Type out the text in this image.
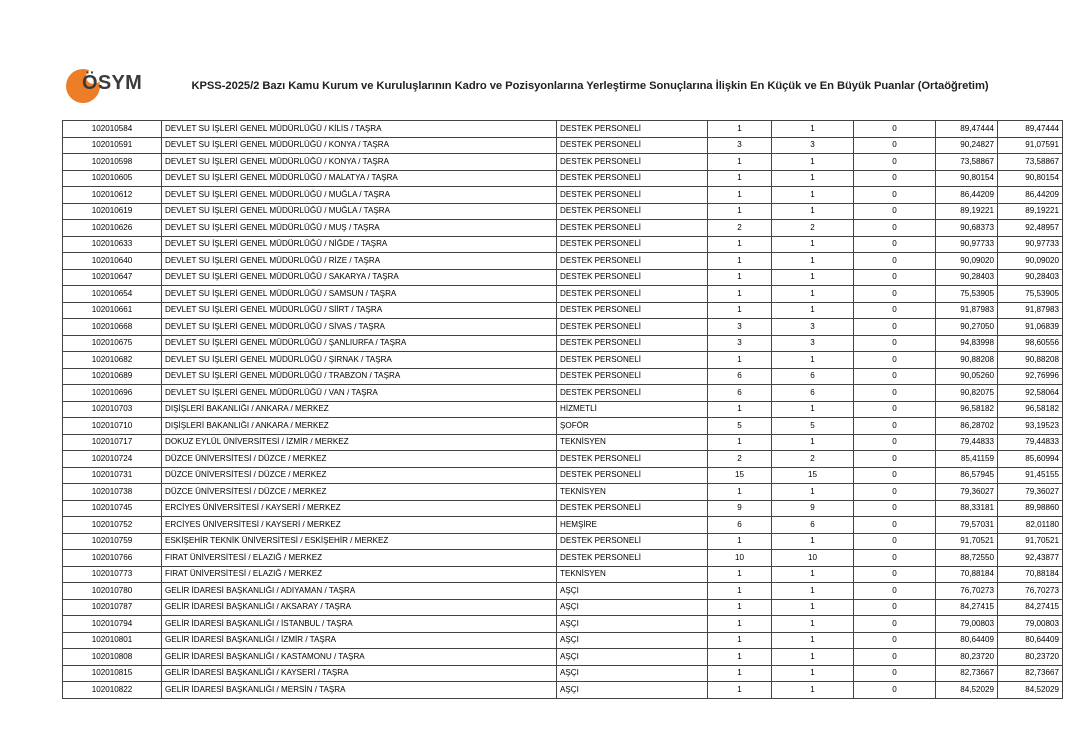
ÖSYM	KPSS-2025/2 Bazı Kamu Kurum ve Kuruluşlarının Kadro ve Pozisyonlarına Yerleştirme Sonuçlarına İlişkin En Küçük ve En Büyük Puanlar (Ortaöğretim)
102010584	DEVLET SU İŞLERİ GENEL MÜDÜRLÜĞÜ / KİLİS / TAŞRA	DESTEK PERSONELİ	1	1	0	89,47444	89,47444
102010591	DEVLET SU İŞLERİ GENEL MÜDÜRLÜĞÜ / KONYA / TAŞRA	DESTEK PERSONELİ	3	3	0	90,24827	91,07591
102010598	DEVLET SU İŞLERİ GENEL MÜDÜRLÜĞÜ / KONYA / TAŞRA	DESTEK PERSONELİ	1	1	0	73,58867	73,58867
102010605	DEVLET SU İŞLERİ GENEL MÜDÜRLÜĞÜ / MALATYA / TAŞRA	DESTEK PERSONELİ	1	1	0	90,80154	90,80154
102010612	DEVLET SU İŞLERİ GENEL MÜDÜRLÜĞÜ / MUĞLA / TAŞRA	DESTEK PERSONELİ	1	1	0	86,44209	86,44209
102010619	DEVLET SU İŞLERİ GENEL MÜDÜRLÜĞÜ / MUĞLA / TAŞRA	DESTEK PERSONELİ	1	1	0	89,19221	89,19221
102010626	DEVLET SU İŞLERİ GENEL MÜDÜRLÜĞÜ / MUŞ / TAŞRA	DESTEK PERSONELİ	2	2	0	90,68373	92,48957
102010633	DEVLET SU İŞLERİ GENEL MÜDÜRLÜĞÜ / NİĞDE / TAŞRA	DESTEK PERSONELİ	1	1	0	90,97733	90,97733
102010640	DEVLET SU İŞLERİ GENEL MÜDÜRLÜĞÜ / RİZE / TAŞRA	DESTEK PERSONELİ	1	1	0	90,09020	90,09020
102010647	DEVLET SU İŞLERİ GENEL MÜDÜRLÜĞÜ / SAKARYA / TAŞRA	DESTEK PERSONELİ	1	1	0	90,28403	90,28403
102010654	DEVLET SU İŞLERİ GENEL MÜDÜRLÜĞÜ / SAMSUN / TAŞRA	DESTEK PERSONELİ	1	1	0	75,53905	75,53905
102010661	DEVLET SU İŞLERİ GENEL MÜDÜRLÜĞÜ / SİİRT / TAŞRA	DESTEK PERSONELİ	1	1	0	91,87983	91,87983
102010668	DEVLET SU İŞLERİ GENEL MÜDÜRLÜĞÜ / SİVAS / TAŞRA	DESTEK PERSONELİ	3	3	0	90,27050	91,06839
102010675	DEVLET SU İŞLERİ GENEL MÜDÜRLÜĞÜ / ŞANLIURFA / TAŞRA	DESTEK PERSONELİ	3	3	0	94,83998	98,60556
102010682	DEVLET SU İŞLERİ GENEL MÜDÜRLÜĞÜ / ŞIRNAK / TAŞRA	DESTEK PERSONELİ	1	1	0	90,88208	90,88208
102010689	DEVLET SU İŞLERİ GENEL MÜDÜRLÜĞÜ / TRABZON / TAŞRA	DESTEK PERSONELİ	6	6	0	90,05260	92,76996
102010696	DEVLET SU İŞLERİ GENEL MÜDÜRLÜĞÜ / VAN / TAŞRA	DESTEK PERSONELİ	6	6	0	90,82075	92,58064
102010703	DIŞİŞLERİ BAKANLIĞI / ANKARA / MERKEZ	HİZMETLİ	1	1	0	96,58182	96,58182
102010710	DIŞİŞLERİ BAKANLIĞI / ANKARA / MERKEZ	ŞOFÖR	5	5	0	86,28702	93,19523
102010717	DOKUZ EYLÜL ÜNİVERSİTESİ / İZMİR / MERKEZ	TEKNİSYEN	1	1	0	79,44833	79,44833
102010724	DÜZCE ÜNİVERSİTESİ / DÜZCE / MERKEZ	DESTEK PERSONELİ	2	2	0	85,41159	85,60994
102010731	DÜZCE ÜNİVERSİTESİ / DÜZCE / MERKEZ	DESTEK PERSONELİ	15	15	0	86,57945	91,45155
102010738	DÜZCE ÜNİVERSİTESİ / DÜZCE / MERKEZ	TEKNİSYEN	1	1	0	79,36027	79,36027
102010745	ERCİYES ÜNİVERSİTESİ / KAYSERİ / MERKEZ	DESTEK PERSONELİ	9	9	0	88,33181	89,98860
102010752	ERCİYES ÜNİVERSİTESİ / KAYSERİ / MERKEZ	HEMŞİRE	6	6	0	79,57031	82,01180
102010759	ESKİŞEHİR TEKNİK ÜNİVERSİTESİ / ESKİŞEHİR / MERKEZ	DESTEK PERSONELİ	1	1	0	91,70521	91,70521
102010766	FIRAT ÜNİVERSİTESİ / ELAZIĞ / MERKEZ	DESTEK PERSONELİ	10	10	0	88,72550	92,43877
102010773	FIRAT ÜNİVERSİTESİ / ELAZIĞ / MERKEZ	TEKNİSYEN	1	1	0	70,88184	70,88184
102010780	GELİR İDARESİ BAŞKANLIĞI / ADIYAMAN / TAŞRA	AŞÇI	1	1	0	76,70273	76,70273
102010787	GELİR İDARESİ BAŞKANLIĞI / AKSARAY / TAŞRA	AŞÇI	1	1	0	84,27415	84,27415
102010794	GELİR İDARESİ BAŞKANLIĞI / İSTANBUL / TAŞRA	AŞÇI	1	1	0	79,00803	79,00803
102010801	GELİR İDARESİ BAŞKANLIĞI / İZMİR / TAŞRA	AŞÇI	1	1	0	80,64409	80,64409
102010808	GELİR İDARESİ BAŞKANLIĞI / KASTAMONU / TAŞRA	AŞÇI	1	1	0	80,23720	80,23720
102010815	GELİR İDARESİ BAŞKANLIĞI / KAYSERİ / TAŞRA	AŞÇI	1	1	0	82,73667	82,73667
102010822	GELİR İDARESİ BAŞKANLIĞI / MERSİN / TAŞRA	AŞÇI	1	1	0	84,52029	84,52029
